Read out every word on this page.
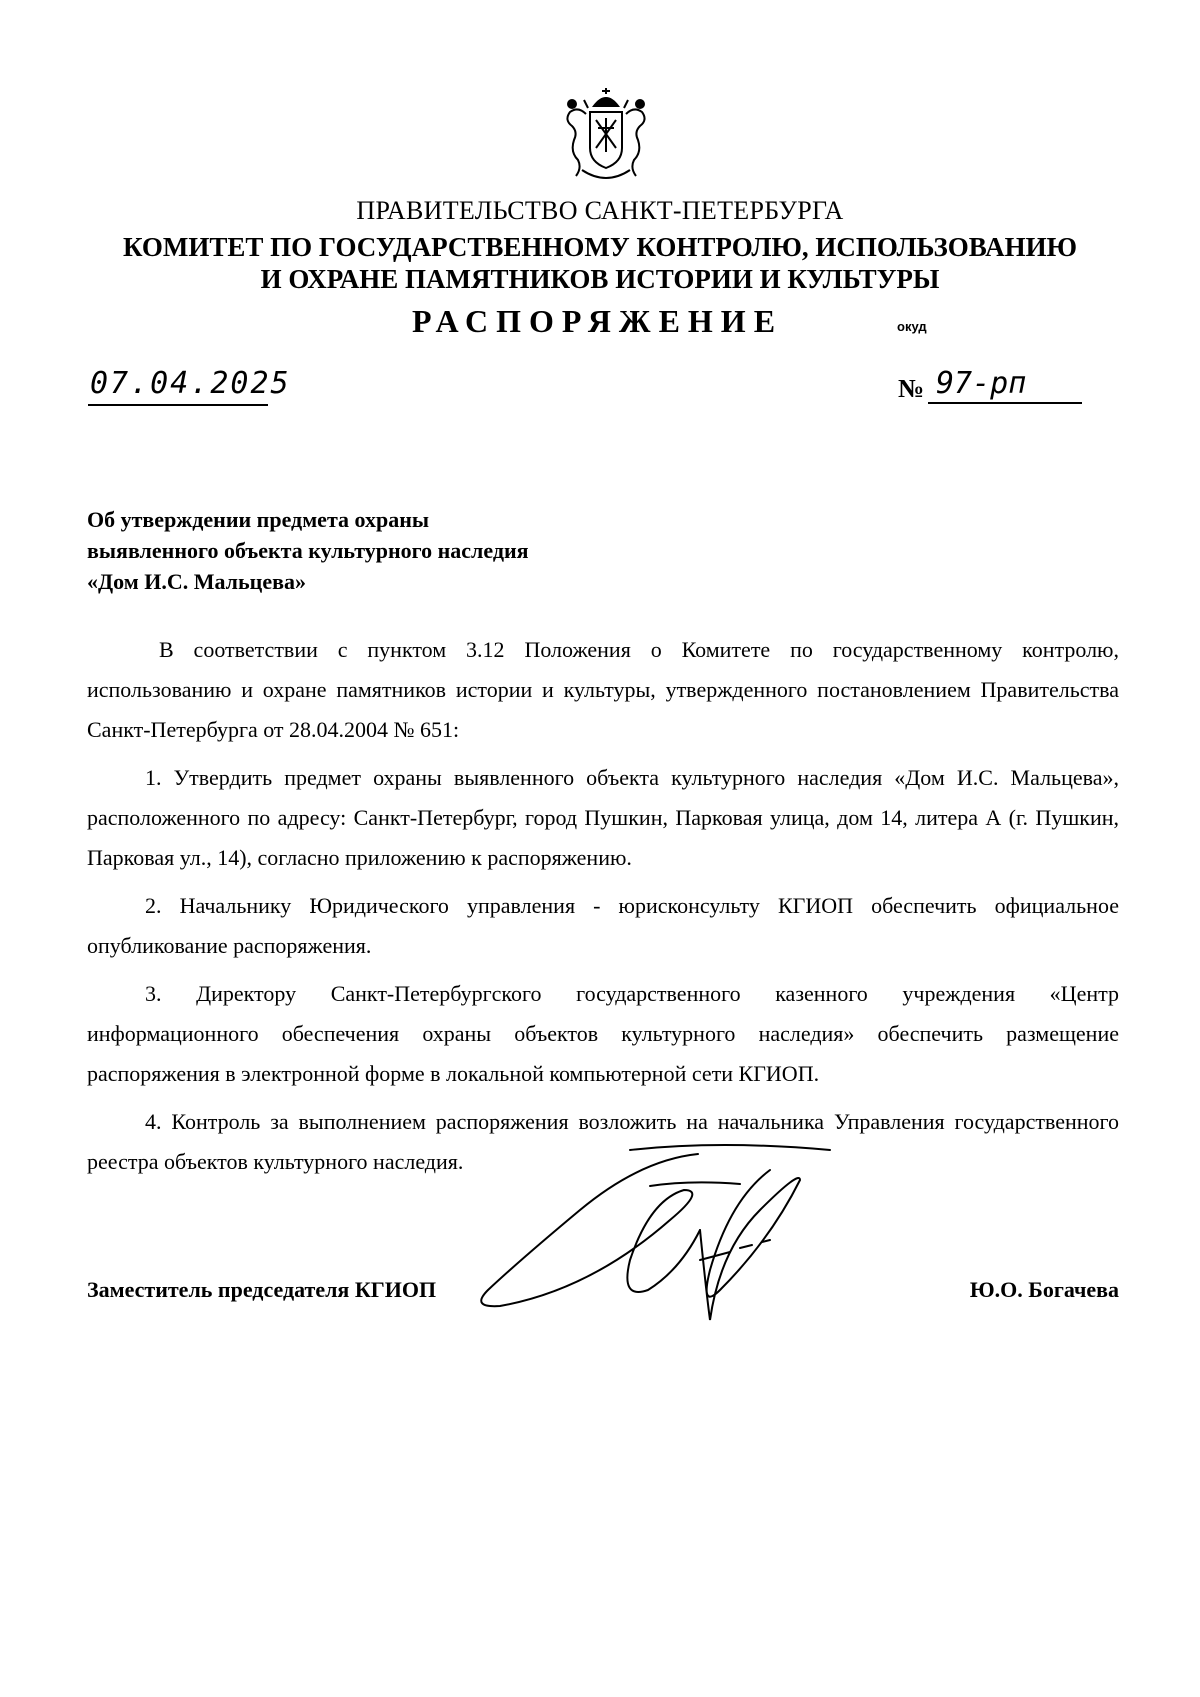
ПРАВИТЕЛЬСТВО САНКТ-ПЕТЕРБУРГА
КОМИТЕТ ПО ГОСУДАРСТВЕННОМУ КОНТРОЛЮ, ИСПОЛЬЗОВАНИЮ
И ОХРАНЕ ПАМЯТНИКОВ ИСТОРИИ И КУЛЬТУРЫ
РАСПОРЯЖЕНИЕ	окуд
07.04.2025	№ 97-рп
Об утверждении предмета охраны
выявленного объекта культурного наследия
«Дом И.С. Мальцева»
В соответствии с пунктом 3.12 Положения о Комитете по государственному контролю, использованию и охране памятников истории и культуры, утвержденного постановлением Правительства Санкт-Петербурга от 28.04.2004 № 651:
1. Утвердить предмет охраны выявленного объекта культурного наследия «Дом И.С. Мальцева», расположенного по адресу: Санкт-Петербург, город Пушкин, Парковая улица, дом 14, литера А (г. Пушкин, Парковая ул., 14), согласно приложению к распоряжению.
2. Начальнику Юридического управления - юрисконсульту КГИОП обеспечить официальное опубликование распоряжения.
3. Директору Санкт-Петербургского государственного казенного учреждения «Центр информационного обеспечения охраны объектов культурного наследия» обеспечить размещение распоряжения в электронной форме в локальной компьютерной сети КГИОП.
4. Контроль за выполнением распоряжения возложить на начальника Управления государственного реестра объектов культурного наследия.
Заместитель председателя КГИОП	Ю.О. Богачева
